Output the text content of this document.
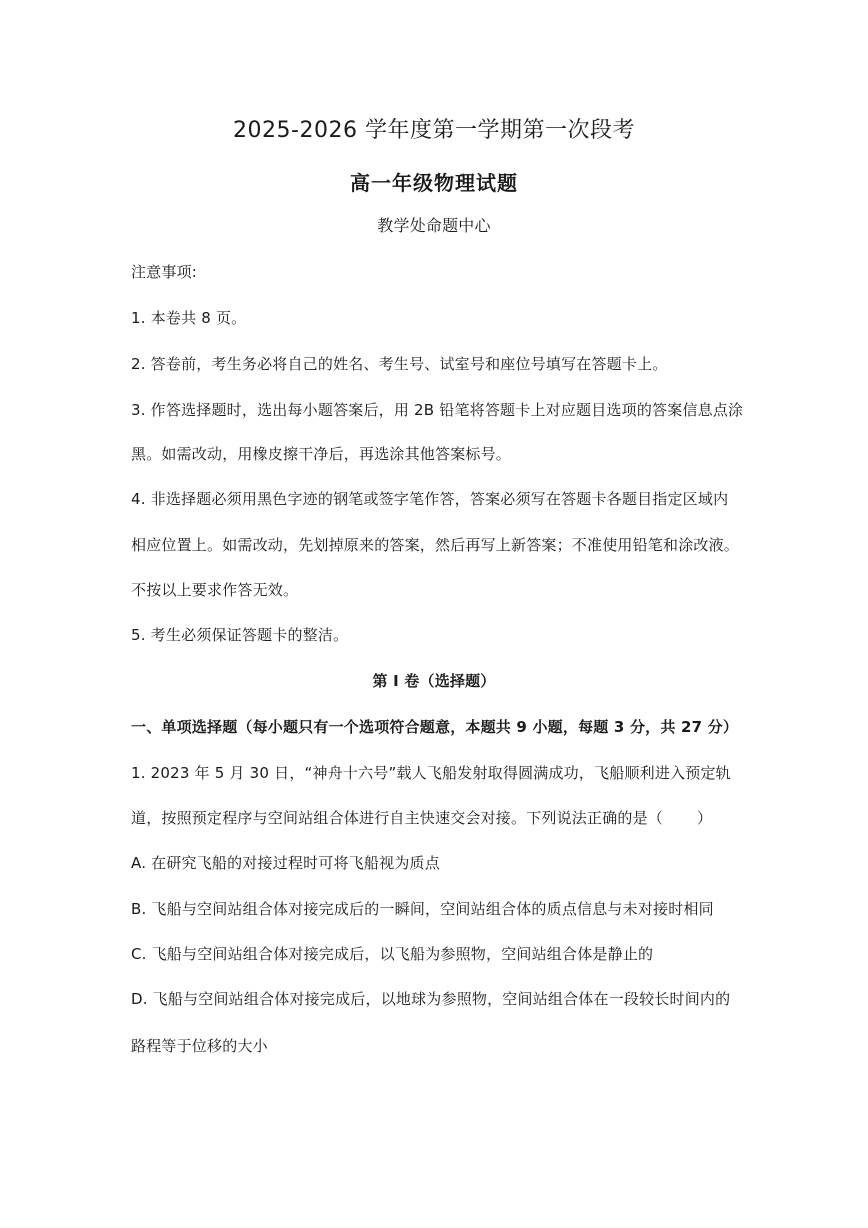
2025-2026 学年度第一学期第一次段考
高一年级物理试题
教学处命题中心
注意事项:
1. 本卷共 8 页。
2. 答卷前，考生务必将自己的姓名、考生号、试室号和座位号填写在答题卡上。
3. 作答选择题时，选出每小题答案后，用 2B 铅笔将答题卡上对应题目选项的答案信息点涂
黑。如需改动，用橡皮擦干净后，再选涂其他答案标号。
4. 非选择题必须用黑色字迹的钢笔或签字笔作答，答案必须写在答题卡各题目指定区域内
相应位置上。如需改动，先划掉原来的答案，然后再写上新答案；不准使用铅笔和涂改液。
不按以上要求作答无效。
5. 考生必须保证答题卡的整洁。
第 I 卷（选择题）
一、单项选择题（每小题只有一个选项符合题意，本题共 9 小题，每题 3 分，共 27 分）
1. 2023 年 5 月 30 日，“神舟十六号”载人飞船发射取得圆满成功，飞船顺利进入预定轨
道，按照预定程序与空间站组合体进行自主快速交会对接。下列说法正确的是（ ）
A. 在研究飞船的对接过程时可将飞船视为质点
B. 飞船与空间站组合体对接完成后的一瞬间，空间站组合体的质点信息与未对接时相同
C. 飞船与空间站组合体对接完成后，以飞船为参照物，空间站组合体是静止的
D. 飞船与空间站组合体对接完成后，以地球为参照物，空间站组合体在一段较长时间内的
路程等于位移的大小
